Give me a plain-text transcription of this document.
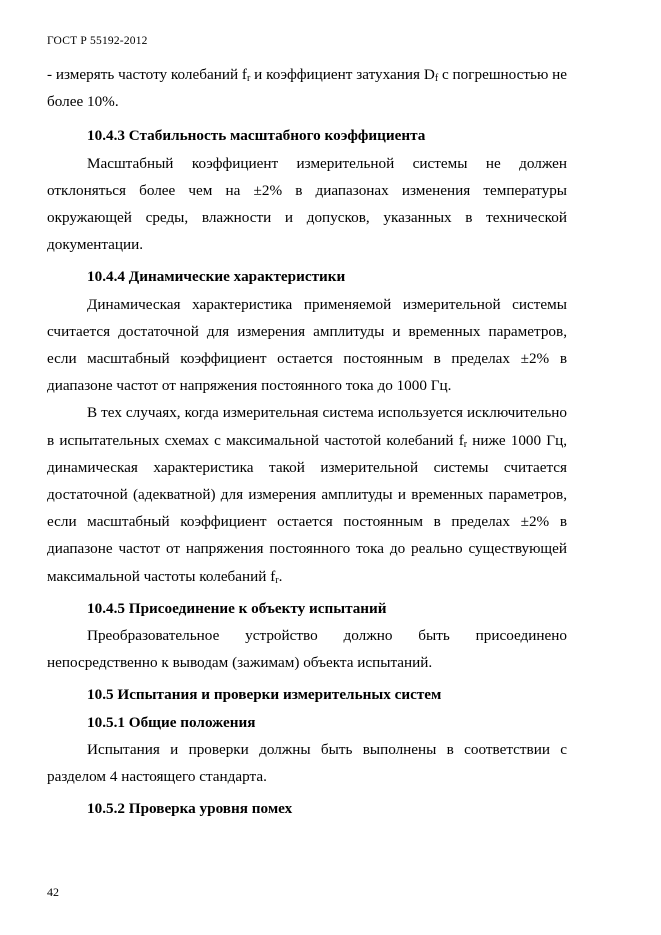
ГОСТ Р 55192-2012

- измерять частоту колебаний $f_r$ и коэффициент затухания $D_f$ с погрешностью не более 10%.

10.4.3 Стабильность масштабного коэффициента

Масштабный коэффициент измерительной системы не должен отклоняться более чем на ±2% в диапазонах изменения температуры окружающей среды, влажности и допусков, указанных в технической документации.

10.4.4 Динамические характеристики

Динамическая характеристика применяемой измерительной системы считается достаточной для измерения амплитуды и временных параметров, если масштабный коэффициент остается постоянным в пределах ±2% в диапазоне частот от напряжения постоянного тока до 1000 Гц.

В тех случаях, когда измерительная система используется исключительно в испытательных схемах с максимальной частотой колебаний $f_r$ ниже 1000 Гц, динамическая характеристика такой измерительной системы считается достаточной (адекватной) для измерения амплитуды и временных параметров, если масштабный коэффициент остается постоянным в пределах ±2% в диапазоне частот от напряжения постоянного тока до реально существующей максимальной частоты колебаний $f_r$.

10.4.5 Присоединение к объекту испытаний

Преобразовательное устройство должно быть присоединено непосредственно к выводам (зажимам) объекта испытаний.

10.5 Испытания и проверки измерительных систем

10.5.1 Общие положения

Испытания и проверки должны быть выполнены в соответствии с разделом 4 настоящего стандарта.

10.5.2 Проверка уровня помех

42
